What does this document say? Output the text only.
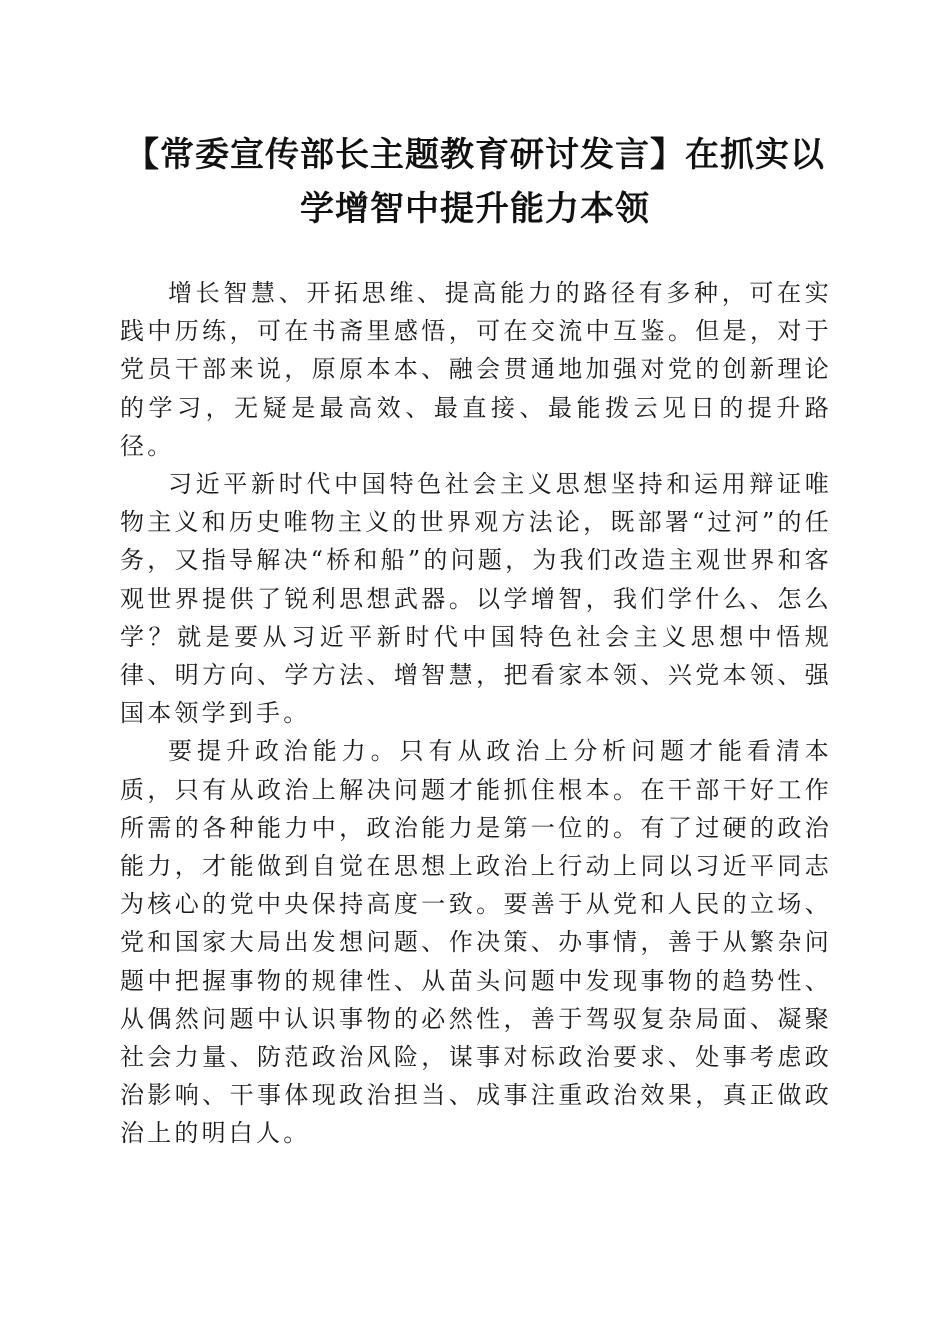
【常委宣传部长主题教育研讨发言】在抓实以
学增智中提升能力本领

增长智慧、开拓思维、提高能力的路径有多种，可在实践中历练，可在书斋里感悟，可在交流中互鉴。但是，对于党员干部来说，原原本本、融会贯通地加强对党的创新理论的学习，无疑是最高效、最直接、最能拨云见日的提升路径。

习近平新时代中国特色社会主义思想坚持和运用辩证唯物主义和历史唯物主义的世界观方法论，既部署“过河”的任务，又指导解决“桥和船”的问题，为我们改造主观世界和客观世界提供了锐利思想武器。以学增智，我们学什么、怎么学？就是要从习近平新时代中国特色社会主义思想中悟规律、明方向、学方法、增智慧，把看家本领、兴党本领、强国本领学到手。

要提升政治能力。只有从政治上分析问题才能看清本质，只有从政治上解决问题才能抓住根本。在干部干好工作所需的各种能力中，政治能力是第一位的。有了过硬的政治能力，才能做到自觉在思想上政治上行动上同以习近平同志为核心的党中央保持高度一致。要善于从党和人民的立场、党和国家大局出发想问题、作决策、办事情，善于从繁杂问题中把握事物的规律性、从苗头问题中发现事物的趋势性、从偶然问题中认识事物的必然性，善于驾驭复杂局面、凝聚社会力量、防范政治风险，谋事对标政治要求、处事考虑政治影响、干事体现政治担当、成事注重政治效果，真正做政治上的明白人。
